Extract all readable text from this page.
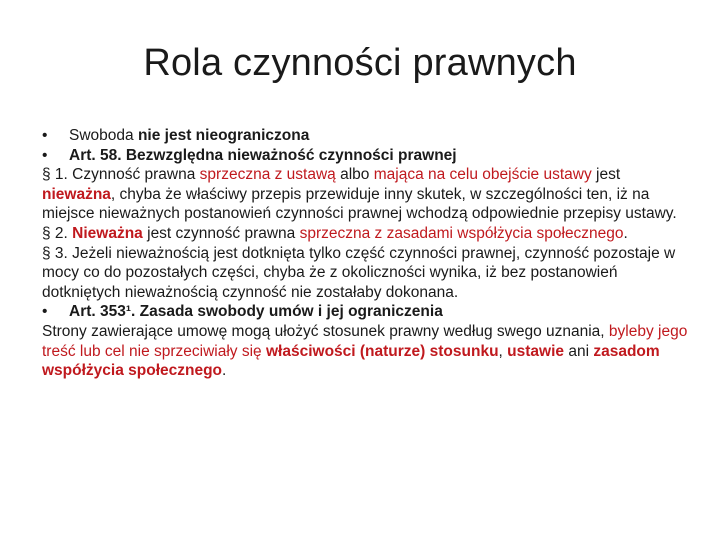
Rola czynności prawnych
• Swoboda nie jest nieograniczona
• Art. 58. Bezwzględna nieważność czynności prawnej
§ 1. Czynność prawna sprzeczna z ustawą albo mająca na celu obejście ustawy jest nieważna, chyba że właściwy przepis przewiduje inny skutek, w szczególności ten, iż na miejsce nieważnych postanowień czynności prawnej wchodzą odpowiednie przepisy ustawy.
§ 2. Nieważna jest czynność prawna sprzeczna z zasadami współżycia społecznego.
§ 3. Jeżeli nieważnością jest dotknięta tylko część czynności prawnej, czynność pozostaje w mocy co do pozostałych części, chyba że z okoliczności wynika, iż bez postanowień dotkniętych nieważnością czynność nie zostałaby dokonana.
• Art. 353¹. Zasada swobody umów i jej ograniczenia
Strony zawierające umowę mogą ułożyć stosunek prawny według swego uznania, byleby jego treść lub cel nie sprzeciwiały się właściwości (naturze) stosunku, ustawie ani zasadom współżycia społecznego.
